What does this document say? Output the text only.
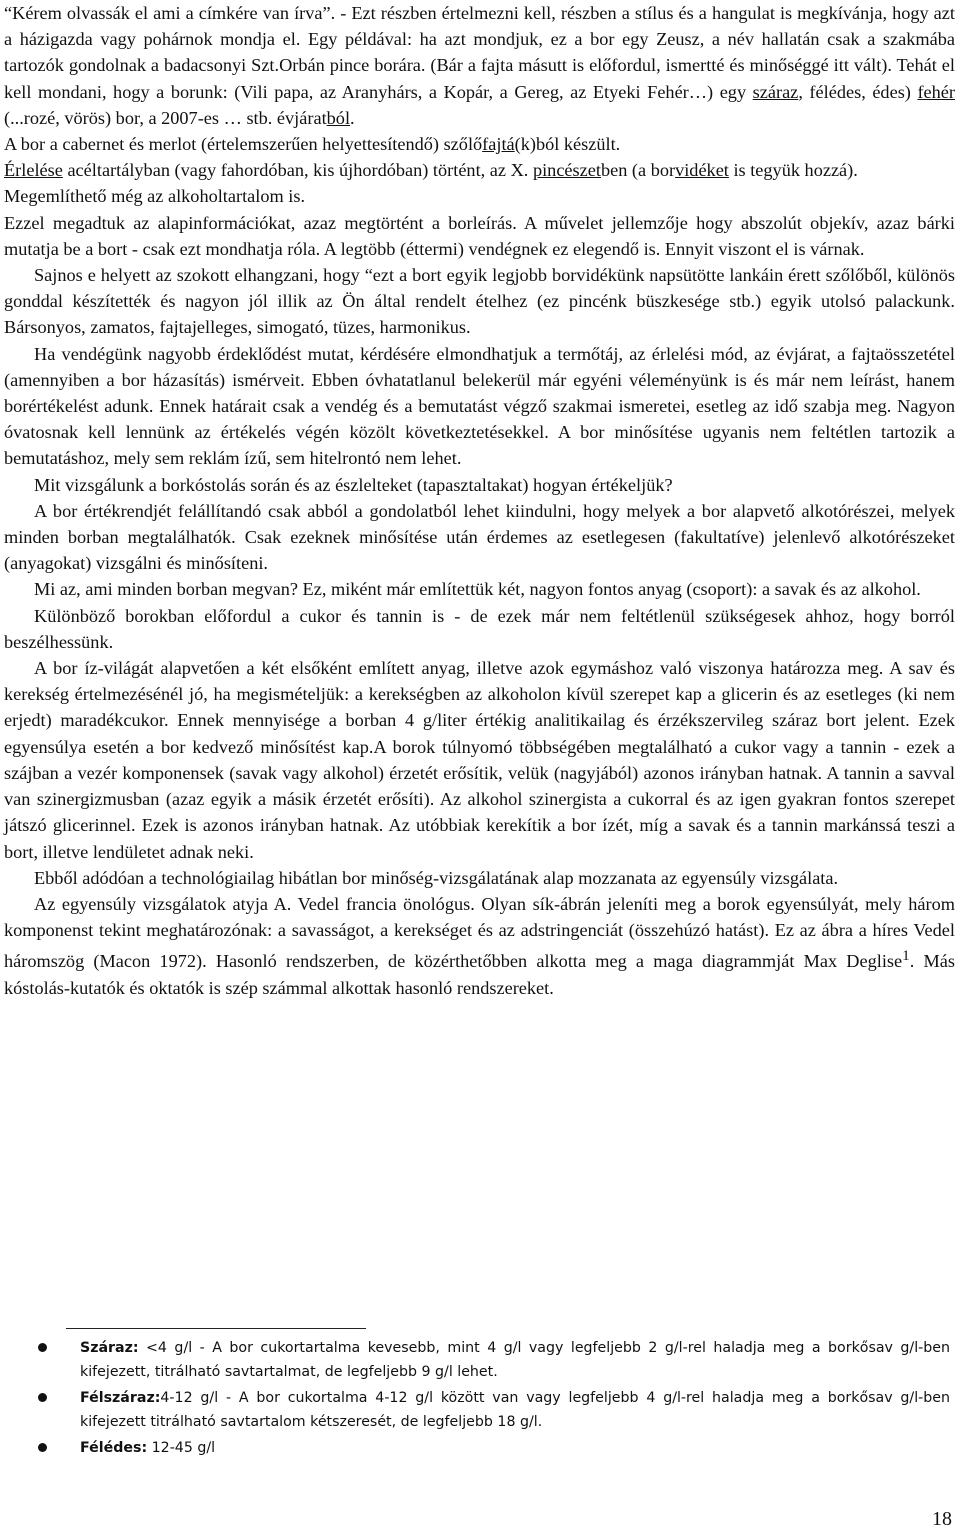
“Kérem olvassák el ami a címkére van írva”. - Ezt részben értelmezni kell, részben a stílus és a hangulat is megkívánja, hogy azt a házigazda vagy pohárnok mondja el. Egy példával: ha azt mondjuk, ez a bor egy Zeusz, a név hallatán csak a szakmába tartozók gondolnak a badacsonyi Szt.Orbán pince borára. (Bár a fajta másutt is előfordul, ismertté és minőséggé itt vált). Tehát el kell mondani, hogy a borunk: (Vili papa, az Aranyhárs, a Kopár, a Gereg, az Etyeki Fehér…) egy száraz, félédes, édes) fehér (...rozé, vörös) bor, a 2007-es … stb. évjáratból.

A bor a cabernet és merlot (értelemszerűen helyettesítendő) szőlőfajtá(k)ból készült.

Érlelése acéltartályban (vagy fahordóban, kis újhordóban) történt, az X. pincészetben (a borvidéket is tegyük hozzá).

Megemlíthető még az alkoholtartalom is.

Ezzel megadtuk az alapinformációkat, azaz megtörtént a borleírás. A művelet jellemzője hogy abszolút objekív, azaz bárki mutatja be a bort - csak ezt mondhatja róla. A legtöbb (éttermi) vendégnek ez elegendő is. Ennyit viszont el is várnak.

Sajnos e helyett az szokott elhangzani, hogy “ezt a bort egyik legjobb borvidékünk napsütötte lankáin érett szőlőből, különös gonddal készítették és nagyon jól illik az Ön által rendelt ételhez (ez pincénk büszkesége stb.) egyik utolsó palackunk. Bársonyos, zamatos, fajtajelleges, simogató, tüzes, harmonikus.

Ha vendégünk nagyobb érdeklődést mutat, kérdésére elmondhatjuk a termőtáj, az érlelési mód, az évjárat, a fajtaösszetétel (amennyiben a bor házasítás) ismérveit. Ebben óvhatatlanul belekerül már egyéni véleményünk is és már nem leírást, hanem borértékelést adunk. Ennek határait csak a vendég és a bemutatást végző szakmai ismeretei, esetleg az idő szabja meg. Nagyon óvatosnak kell lennünk az értékelés végén közölt következtetésekkel. A bor minősítése ugyanis nem feltétlen tartozik a bemutatáshoz, mely sem reklám ízű, sem hitelrontó nem lehet.

Mit vizsgálunk a borkóstolás során és az észlelteket (tapasztaltakat) hogyan értékeljük?

A bor értékrendjét felállítandó csak abból a gondolatból lehet kiindulni, hogy melyek a bor alapvető alkotórészei, melyek minden borban megtalálhatók. Csak ezeknek minősítése után érdemes az esetlegesen (fakultatíve) jelenlevő alkotórészeket (anyagokat) vizsgálni és minősíteni.

Mi az, ami minden borban megvan? Ez, miként már említettük két, nagyon fontos anyag (csoport): a savak és az alkohol.

Különböző borokban előfordul a cukor és tannin is - de ezek már nem feltétlenül szükségesek ahhoz, hogy borról beszélhessünk.

A bor íz-világát alapvetően a két elsőként említett anyag, illetve azok egymáshoz való viszonya határozza meg. A sav és kerekség értelmezésénél jó, ha megismételjük: a kerekségben az alkoholon kívül szerepet kap a glicerin és az esetleges (ki nem erjedt) maradékcukor. Ennek mennyisége a borban 4 g/liter értékig analitikailag és érzékszervileg száraz bort jelent. Ezek egyensúlya esetén a bor kedvező minősítést kap.A borok túlnyomó többségében megtalálható a cukor vagy a tannin - ezek a szájban a vezér komponensek (savak vagy alkohol) érzetét erősítik, velük (nagyjából) azonos irányban hatnak. A tannin a savval van szinergizmusban (azaz egyik a másik érzetét erősíti). Az alkohol szinergista a cukorral és az igen gyakran fontos szerepet játszó glicerinnel. Ezek is azonos irányban hatnak. Az utóbbiak kerekítik a bor ízét, míg a savak és a tannin markánssá teszi a bort, illetve lendületet adnak neki.

Ebből adódóan a technológiailag hibátlan bor minőség-vizsgálatának alap mozzanata az egyensúly vizsgálata.

Az egyensúly vizsgálatok atyja A. Vedel francia önológus. Olyan sík-ábrán jeleníti meg a borok egyensúlyát, mely három komponenst tekint meghatározónak: a savasságot, a kerekséget és az adstringenciát (összehúzó hatást). Ez az ábra a híres Vedel háromszög (Macon 1972). Hasonló rendszerben, de közérthetőbben alkotta meg a maga diagrammját Max Deglise$^1$. Más kóstolás-kutatók és oktatók is szép számmal alkottak hasonló rendszereket.

Száraz: <4 g/l - A bor cukortartalma kevesebb, mint 4 g/l vagy legfeljebb 2 g/l-rel haladja meg a borkősav g/l-ben kifejezett, titrálható savtartalmat, de legfeljebb 9 g/l lehet.
Félszáraz:4-12 g/l - A bor cukortalma 4-12 g/l között van vagy legfeljebb 4 g/l-rel haladja meg a borkősav g/l-ben kifejezett titrálható savtartalom kétszeresét, de legfeljebb 18 g/l.
Félédes: 12-45 g/l
18
